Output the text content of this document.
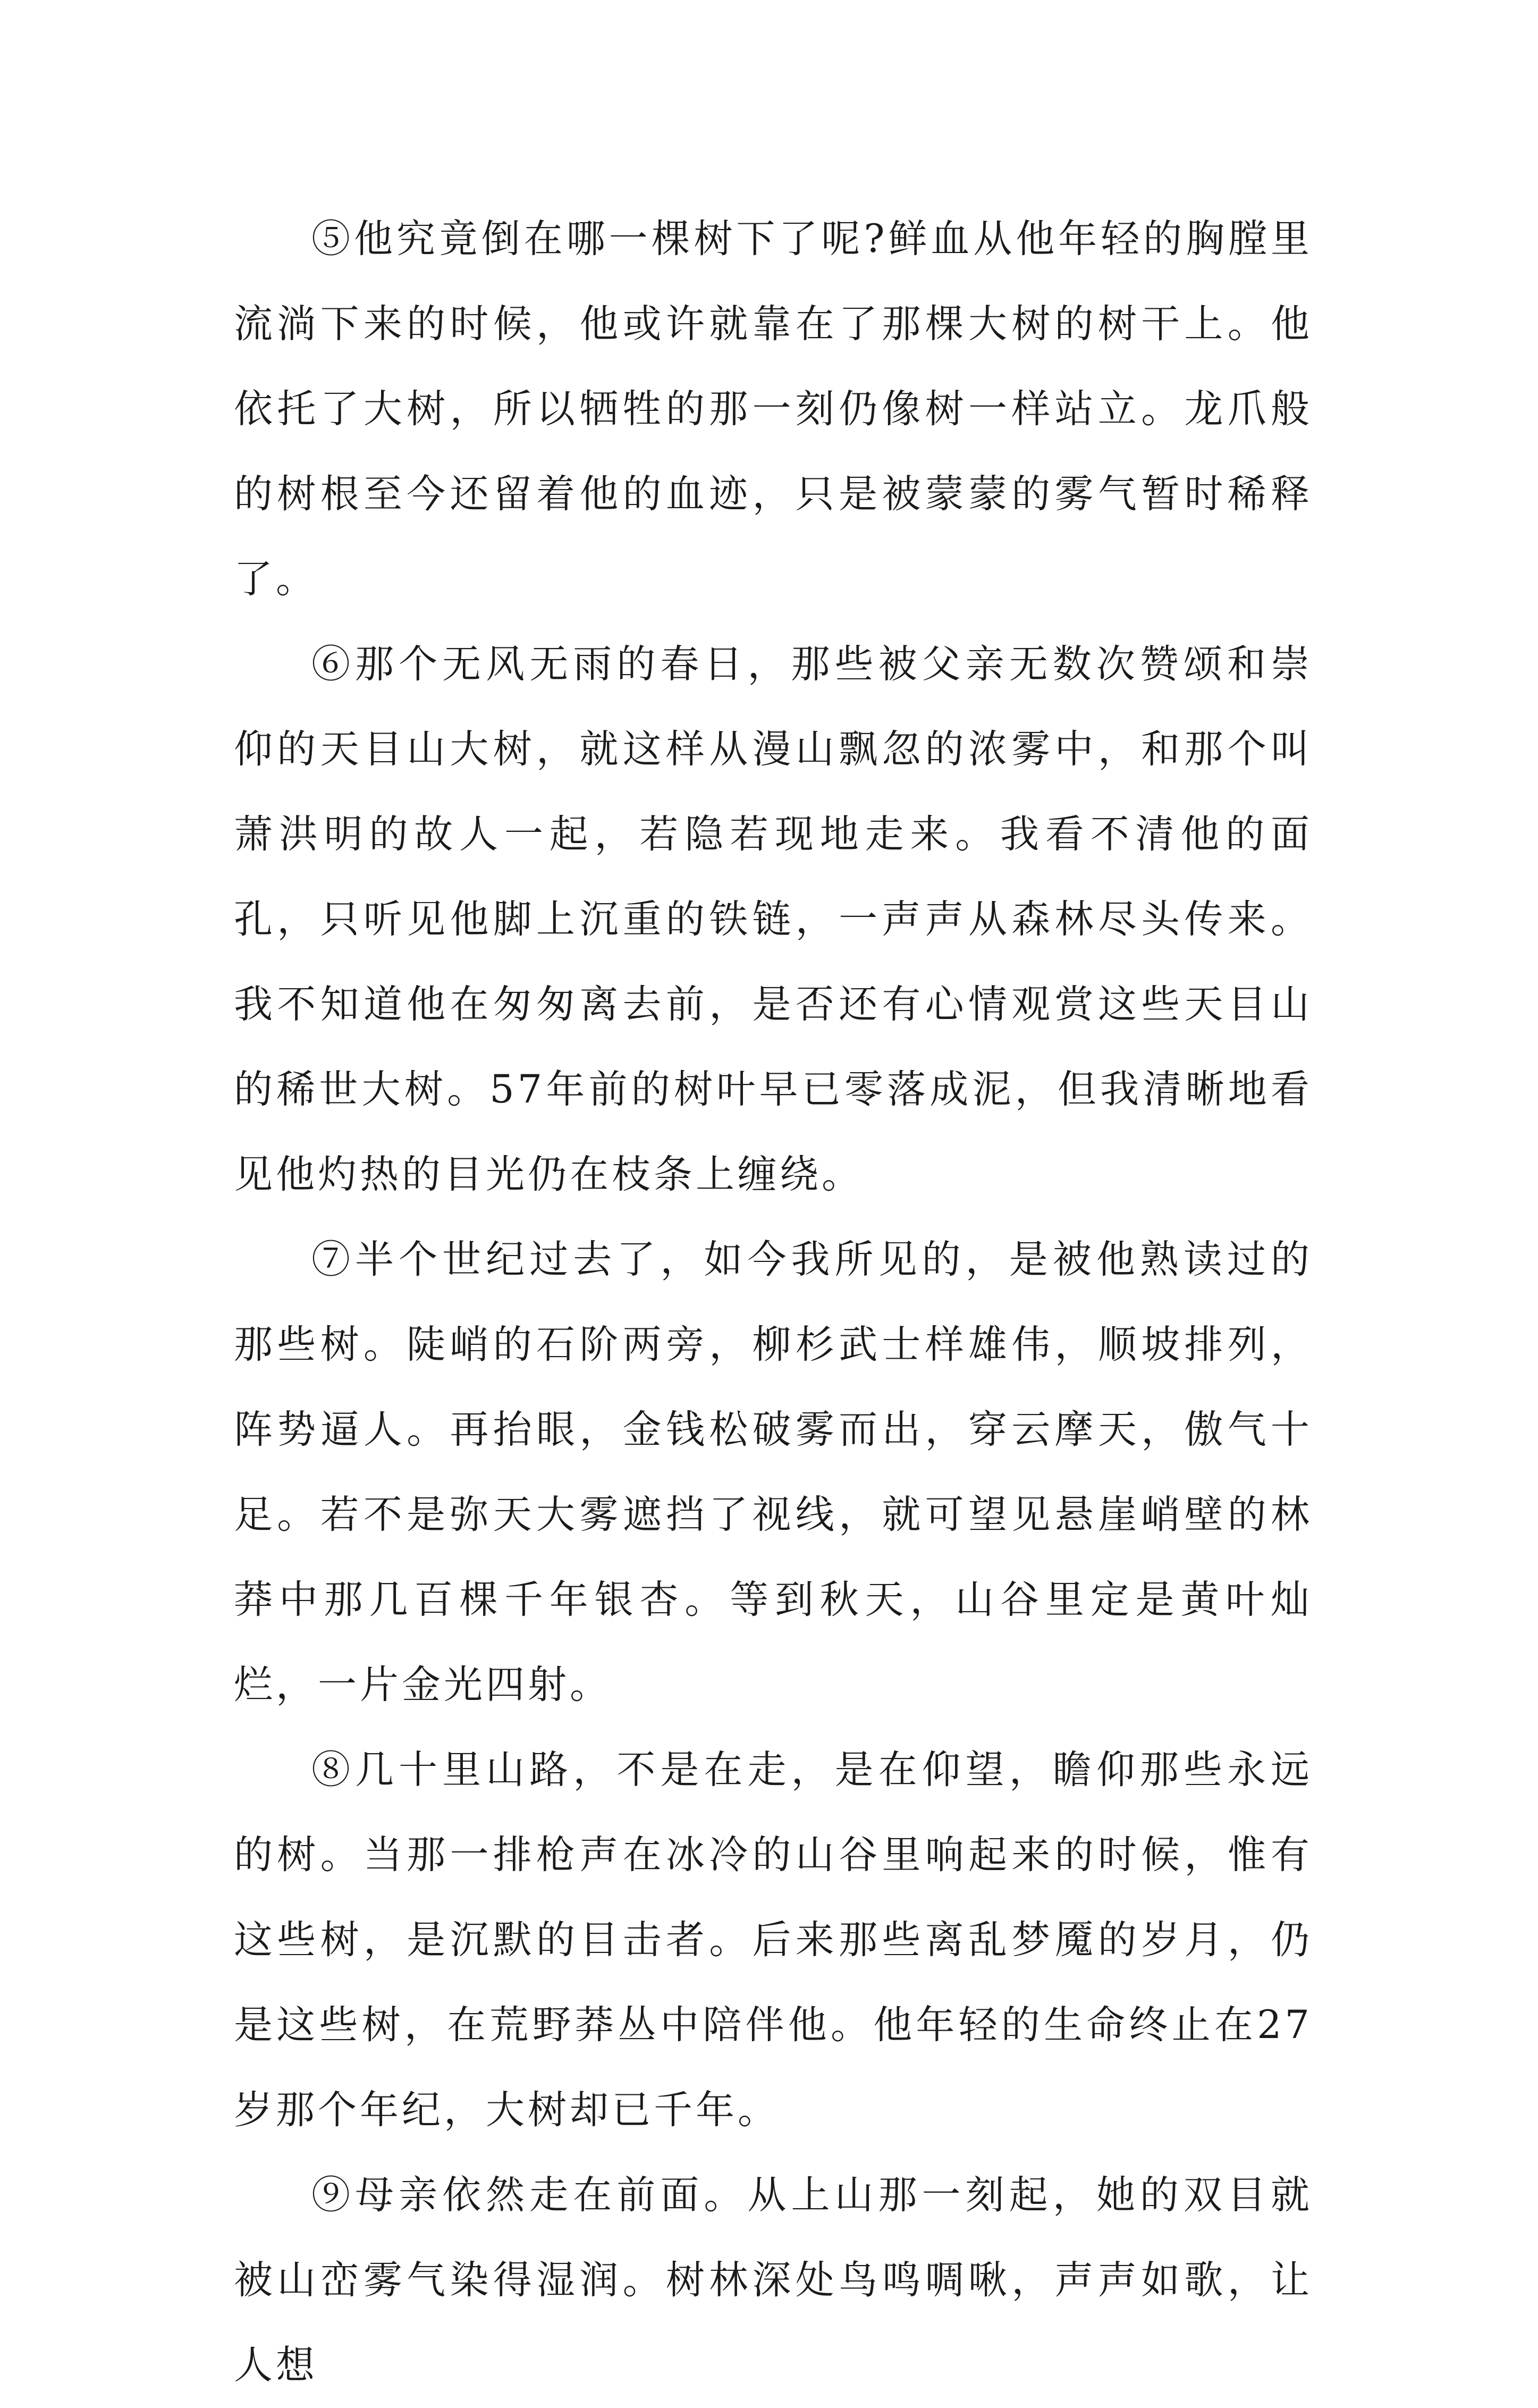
⑤他究竟倒在哪一棵树下了呢?鲜血从他年轻的胸膛里流淌下来的时候，他或许就靠在了那棵大树的树干上。他依托了大树，所以牺牲的那一刻仍像树一样站立。龙爪般的树根至今还留着他的血迹，只是被蒙蒙的雾气暂时稀释了。

⑥那个无风无雨的春日，那些被父亲无数次赞颂和崇仰的天目山大树，就这样从漫山飘忽的浓雾中，和那个叫萧洪明的故人一起，若隐若现地走来。我看不清他的面孔，只听见他脚上沉重的铁链，一声声从森林尽头传来。我不知道他在匆匆离去前，是否还有心情观赏这些天目山的稀世大树。57年前的树叶早已零落成泥，但我清晰地看见他灼热的目光仍在枝条上缠绕。

⑦半个世纪过去了，如今我所见的，是被他熟读过的那些树。陡峭的石阶两旁，柳杉武士样雄伟，顺坡排列，阵势逼人。再抬眼，金钱松破雾而出，穿云摩天，傲气十足。若不是弥天大雾遮挡了视线，就可望见悬崖峭壁的林莽中那几百棵千年银杏。等到秋天，山谷里定是黄叶灿烂，一片金光四射。

⑧几十里山路，不是在走，是在仰望，瞻仰那些永远的树。当那一排枪声在冰冷的山谷里响起来的时候，惟有这些树，是沉默的目击者。后来那些离乱梦魇的岁月，仍是这些树，在荒野莽丛中陪伴他。他年轻的生命终止在27岁那个年纪，大树却已千年。

⑨母亲依然走在前面。从上山那一刻起，她的双目就被山峦雾气染得湿润。树林深处鸟鸣啁啾，声声如歌，让人想
